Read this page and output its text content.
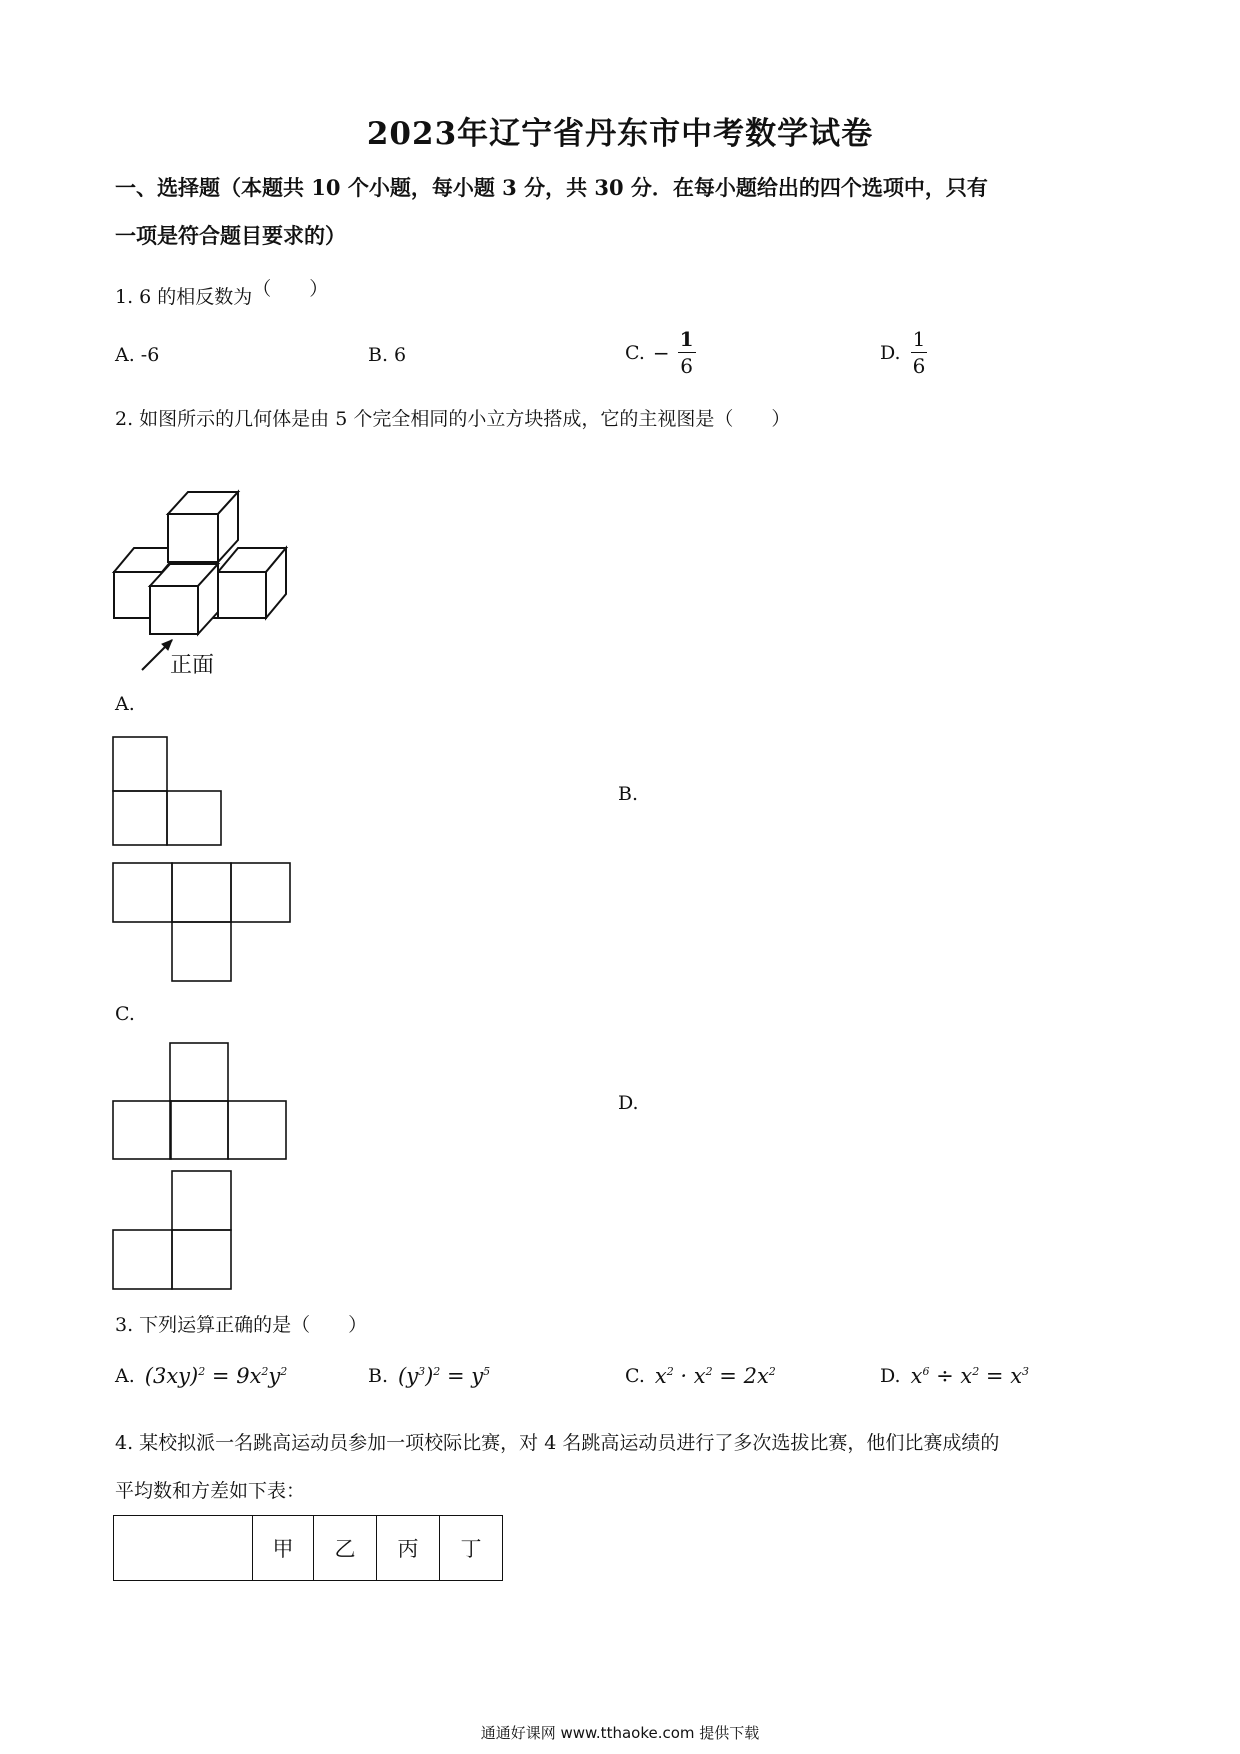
2023年辽宁省丹东市中考数学试卷
一、选择题（本题共 10 个小题，每小题 3 分，共 30 分．在每小题给出的四个选项中，只有
一项是符合题目要求的）
1. 6 的相反数为（　　）
A. -6	B. 6	C. − $\frac{1}{6}$	D. $\frac{1}{6}$
2. 如图所示的几何体是由 5 个完全相同的小立方块搭成，它的主视图是（　　）
正面
A.
B.
C.
D.
3. 下列运算正确的是（　　）
A. $(3xy)^2 = 9x^2y^2$	B. $(y^3)^2 = y^5$	C. $x^2 \cdot x^2 = 2x^2$	D. $x^6 \div x^2 = x^3$
4. 某校拟派一名跳高运动员参加一项校际比赛，对 4 名跳高运动员进行了多次选拔比赛，他们比赛成绩的
平均数和方差如下表：
	甲	乙	丙	丁
通通好课网 www.tthaoke.com 提供下载
